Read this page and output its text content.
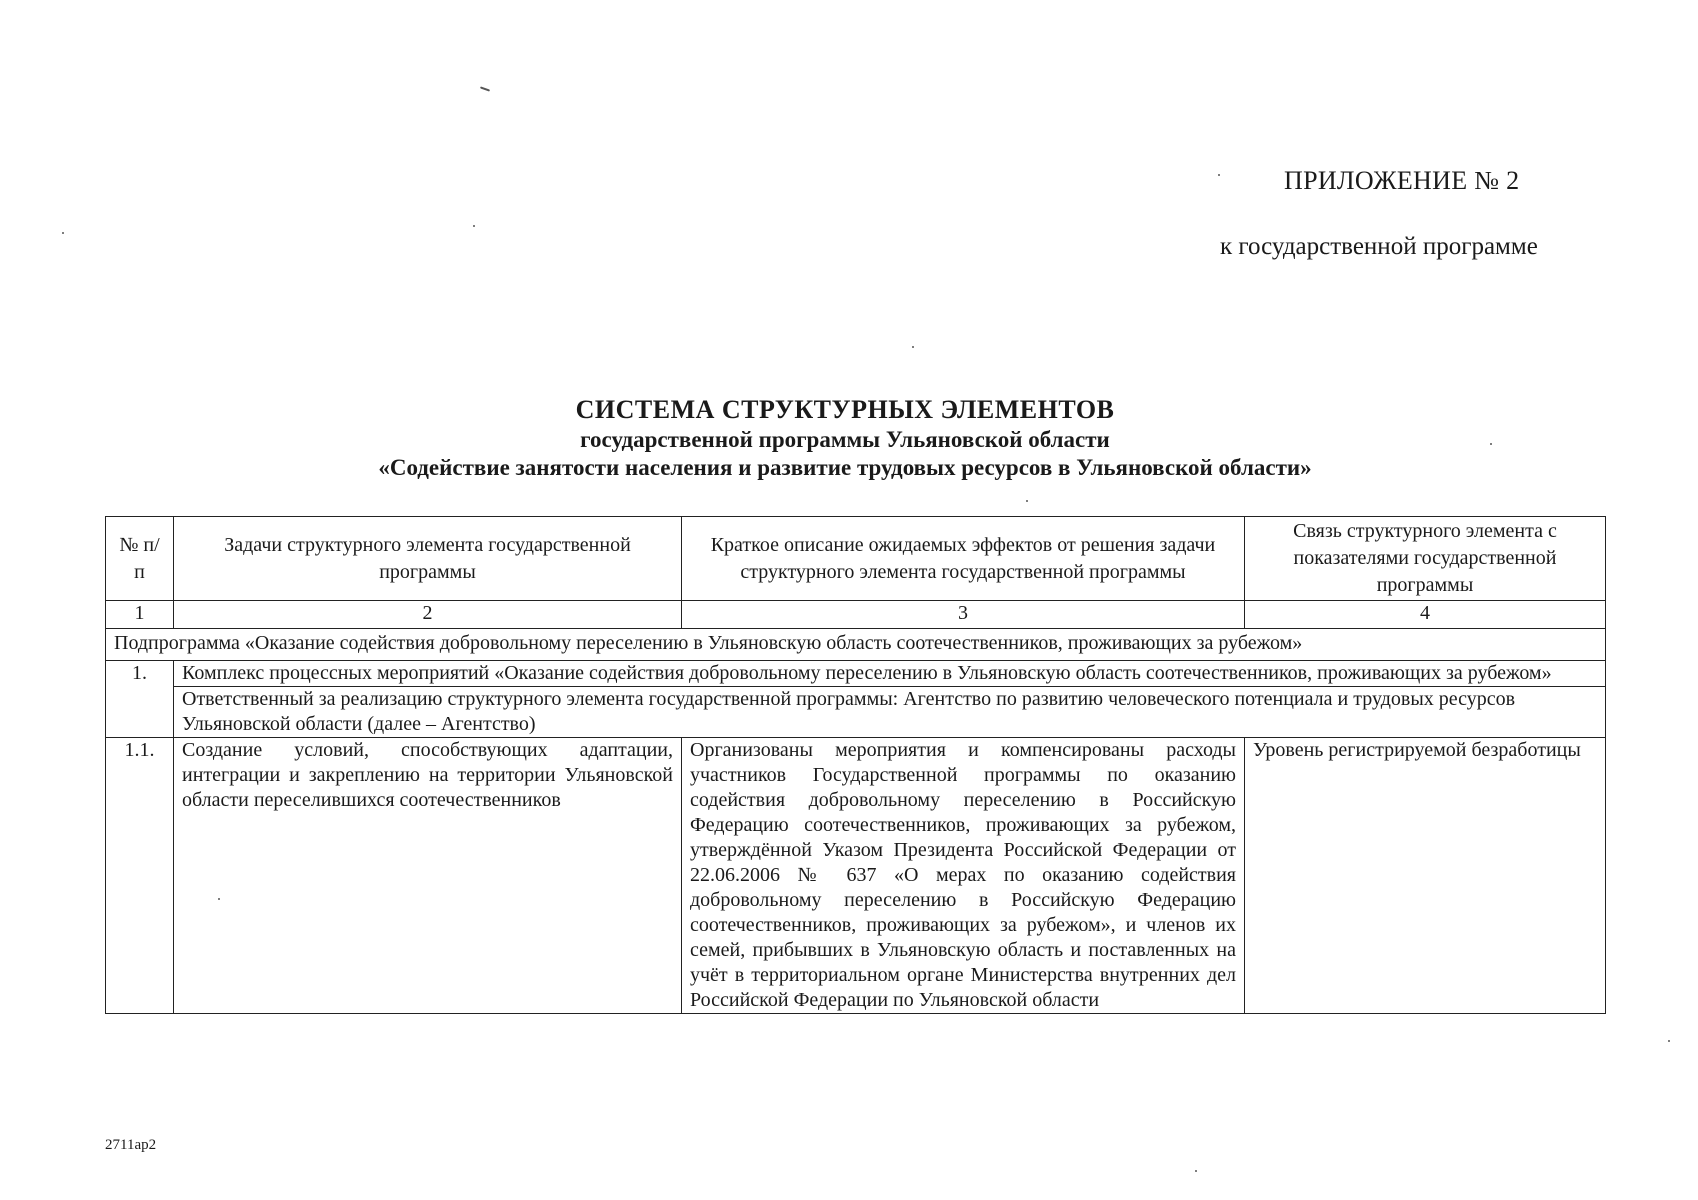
ПРИЛОЖЕНИЕ № 2
к государственной программе
СИСТЕМА СТРУКТУРНЫХ ЭЛЕМЕНТОВ
государственной программы Ульяновской области
«Содействие занятости населения и развитие трудовых ресурсов в Ульяновской области»
№ п/п	Задачи структурного элемента государственной программы	Краткое описание ожидаемых эффектов от решения задачи структурного элемента государственной программы	Связь структурного элемента с показателями государственной программы
1	2	3	4
Подпрограмма «Оказание содействия добровольному переселению в Ульяновскую область соотечественников, проживающих за рубежом»			
1.	Комплекс процессных мероприятий «Оказание содействия добровольному переселению в Ульяновскую область соотечественников, проживающих за рубежом»		
	Ответственный за реализацию структурного элемента государственной программы: Агентство по развитию человеческого потенциала и трудовых ресурсов Ульяновской области (далее – Агентство)		
1.1.	Создание условий, способствующих адаптации, интеграции и закреплению на территории Ульяновской области переселившихся соотечественников	Организованы мероприятия и компенсированы расходы участников Государственной программы по оказанию содействия добровольному переселению в Российскую Федерацию соотечественников, проживающих за рубежом, утверждённой Указом Президента Российской Федерации от 22.06.2006 № 637 «О мерах по оказанию содействия добровольному переселению в Российскую Федерацию соотечественников, проживающих за рубежом», и членов их семей, прибывших в Ульяновскую область и поставленных на учёт в территориальном органе Министерства внутренних дел Российской Федерации по Ульяновской области	Уровень регистрируемой безработицы
2711ap2
